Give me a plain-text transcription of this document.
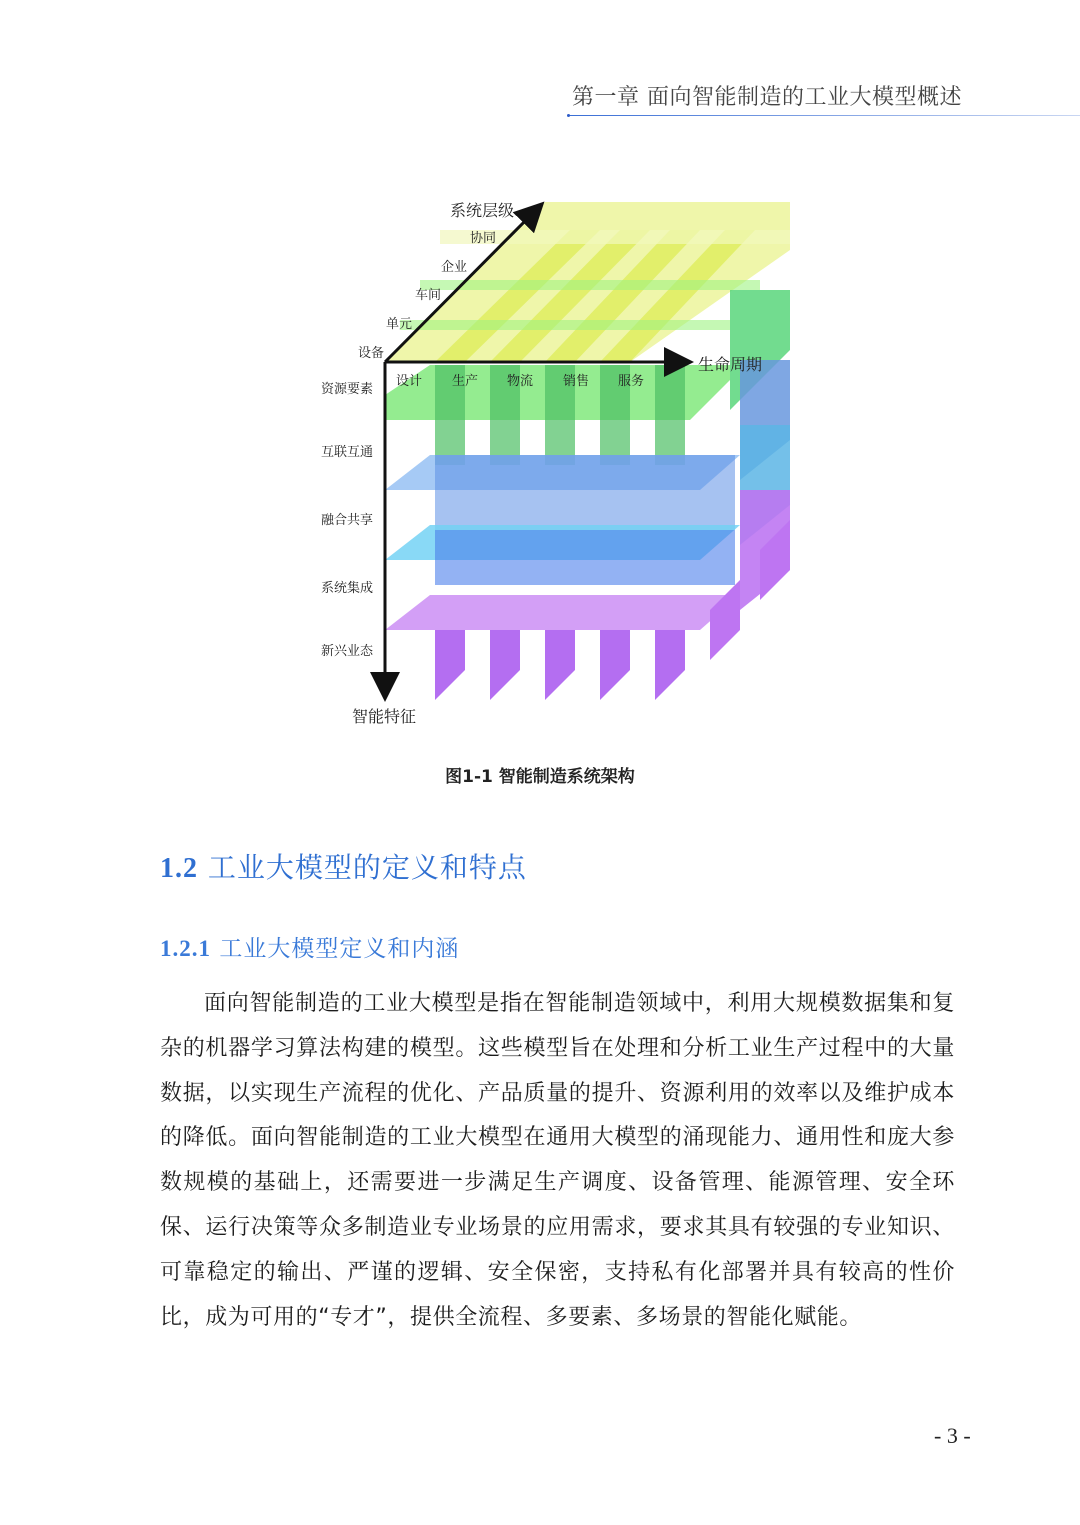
第一章 面向智能制造的工业大模型概述
系统层级
生命周期
智能特征
设备
单元
车间
企业
协同
设计 生产 物流 销售 服务
资源要素
互联互通
融合共享
系统集成
新兴业态
图1-1 智能制造系统架构
1.2 工业大模型的定义和特点
1.2.1 工业大模型定义和内涵

面向智能制造的工业大模型是指在智能制造领域中，利用大规模数据集和复杂的机器学习算法构建的模型。这些模型旨在处理和分析工业生产过程中的大量数据，以实现生产流程的优化、产品质量的提升、资源利用的效率以及维护成本的降低。面向智能制造的工业大模型在通用大模型的涌现能力、通用性和庞大参数规模的基础上，还需要进一步满足生产调度、设备管理、能源管理、安全环保、运行决策等众多制造业专业场景的应用需求，要求其具有较强的专业知识、可靠稳定的输出、严谨的逻辑、安全保密，支持私有化部署并具有较高的性价比，成为可用的“专才”，提供全流程、多要素、多场景的智能化赋能。

- 3 -
